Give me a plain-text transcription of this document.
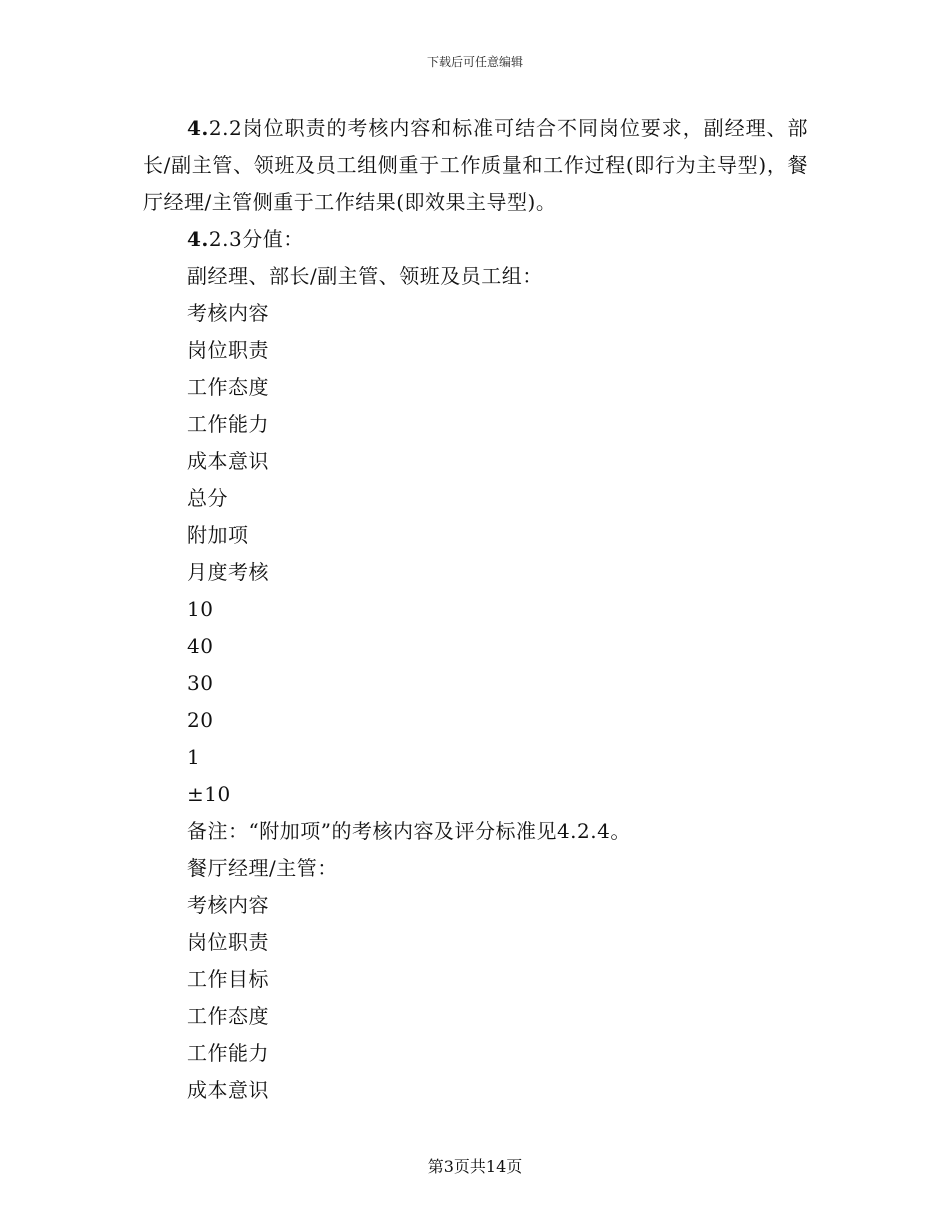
下载后可任意编辑

4.2.2岗位职责的考核内容和标准可结合不同岗位要求，副经理、部长/副主管、领班及员工组侧重于工作质量和工作过程(即行为主导型)，餐厅经理/主管侧重于工作结果(即效果主导型)。

4.2.3分值：

副经理、部长/副主管、领班及员工组：

考核内容

岗位职责

工作态度

工作能力

成本意识

总分

附加项

月度考核

10

40

30

20

1

±10

备注：“附加项”的考核内容及评分标准见4.2.4。

餐厅经理/主管：

考核内容

岗位职责

工作目标

工作态度

工作能力

成本意识

第3页共14页
